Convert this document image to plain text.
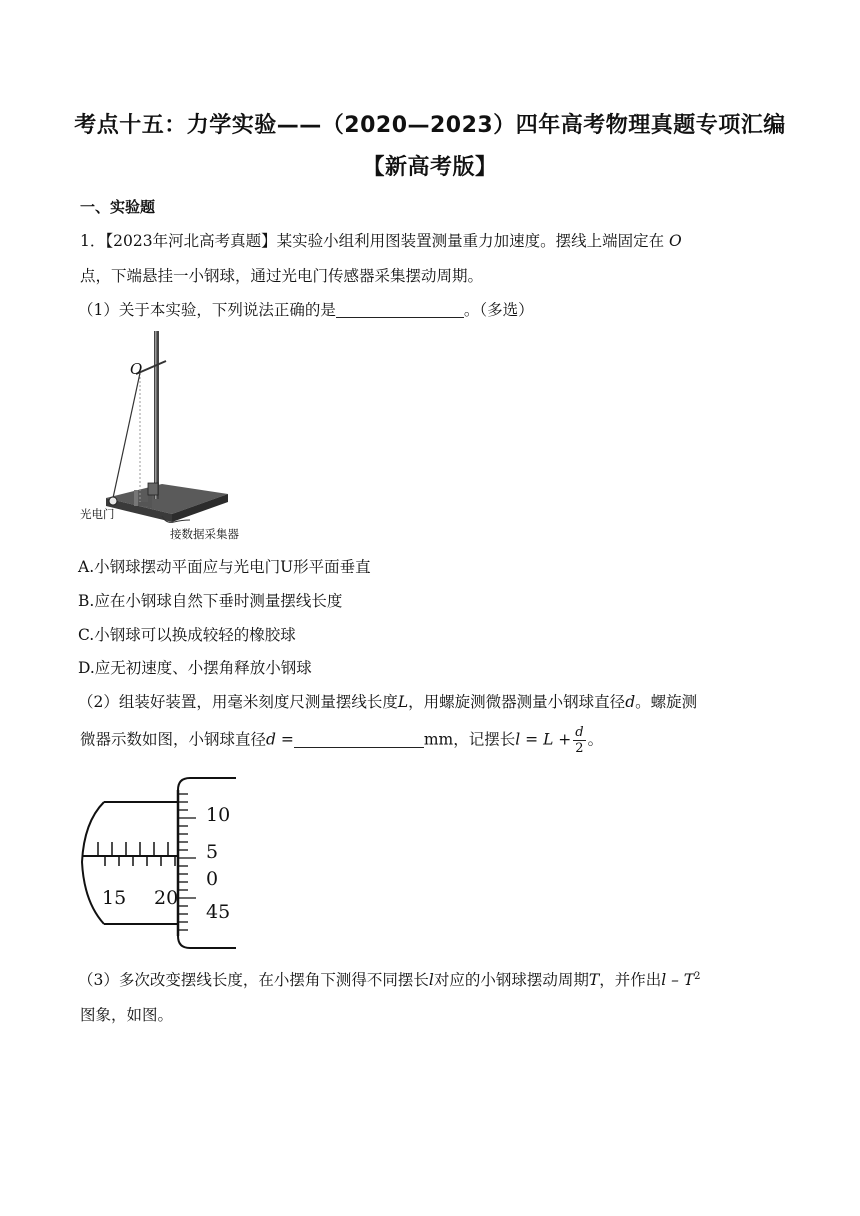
考点十五：力学实验——（2020—2023）四年高考物理真题专项汇编
【新高考版】
一、实验题
1．【2023年河北高考真题】某实验小组利用图装置测量重力加速度。摆线上端固定在 O
点，下端悬挂一小钢球，通过光电门传感器采集摆动周期。
（1）关于本实验，下列说法正确的是	。（多选）
O
光电门
接数据采集器
A.小钢球摆动平面应与光电门U形平面垂直
B.应在小钢球自然下垂时测量摆线长度
C.小钢球可以换成较轻的橡胶球
D.应无初速度、小摆角释放小钢球
（2）组装好装置，用毫米刻度尺测量摆线长度L，用螺旋测微器测量小钢球直径d。螺旋测
微器示数如图，小钢球直径d =	mm，记摆长$l = L + \frac{d}{2}$ 。
15 20
10
5
0
45
（3）多次改变摆线长度，在小摆角下测得不同摆长l对应的小钢球摆动周期T，并作出l – $T^2$
图象，如图。
